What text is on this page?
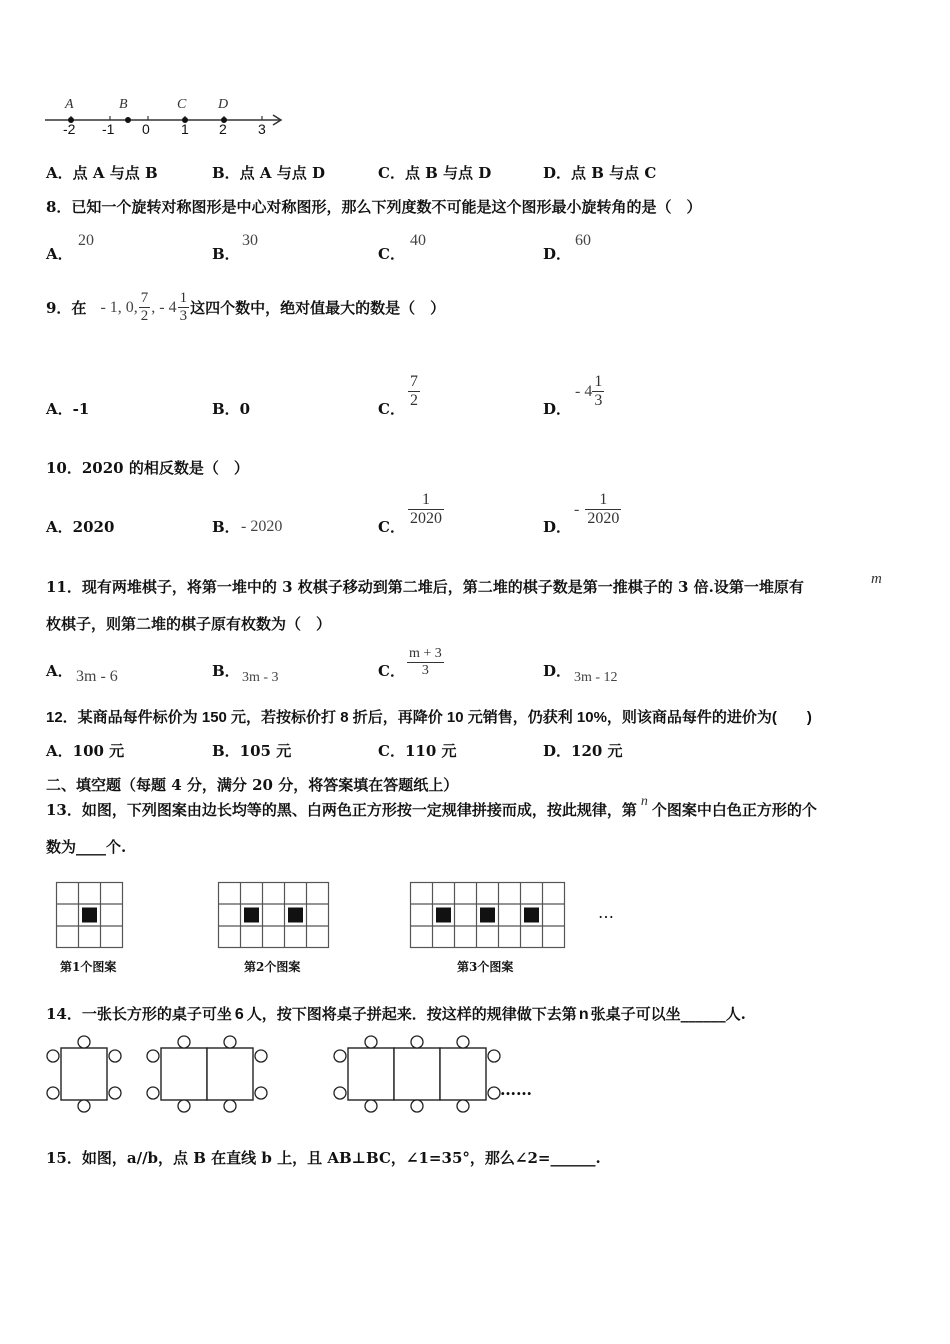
A	B	C D
-2 -1 0 1 2 3
A．点 A 与点 B	B．点 A 与点 D	C．点 B 与点 D	D．点 B 与点 C
8．已知一个旋转对称图形是中心对称图形，那么下列度数不可能是这个图形最小旋转角的是（　）
A．
20
B．
30
C．
40
D．
60
9．在 - 1, 0, $\frac{7}{2}$ , - $4 \frac{1}{3}$ 这四个数中，绝对值最大的数是（　）
A．-1	B．0	C． $\frac{7}{2}$	D．
- $4 \frac{1}{3}$
10．2020 的相反数是（　）
A．2020	B． - 2020	C． $\frac{1}{2020}$	D．
- $\frac{1}{2020}$
11．现有两堆棋子，将第一堆中的 3 枚棋子移动到第二堆后，第二堆的棋子数是第一推棋子的 3 倍.设第一堆原有	m
枚棋子，则第二堆的棋子原有枚数为（　）
A． 3m - 6	B． 3m - 3	C． $\frac{m + 3}{3}$	D． 3m - 12
12．某商品每件标价为 150 元，若按标价打 8 折后，再降价 10 元销售，仍获利 10%，则该商品每件的进价为(　　)
A．100 元	B．105 元	C．110 元	D．120 元
二、填空题（每题 4 分，满分 20 分，将答案填在答题纸上）
13．如图，下列图案由边长均等的黑、白两色正方形按一定规律拼接而成，按此规律，第 n 个图案中白色正方形的个
数为____个.
第1个图案	第2个图案	第3个图案
…
14．一张长方形的桌子可坐 6 人，按下图将桌子拼起来．按这样的规律做下去第 n 张桌子可以坐______人.
……
15．如图，a//b，点 B 在直线 b 上，且 AB⊥BC，∠1=35°，那么∠2=______.
